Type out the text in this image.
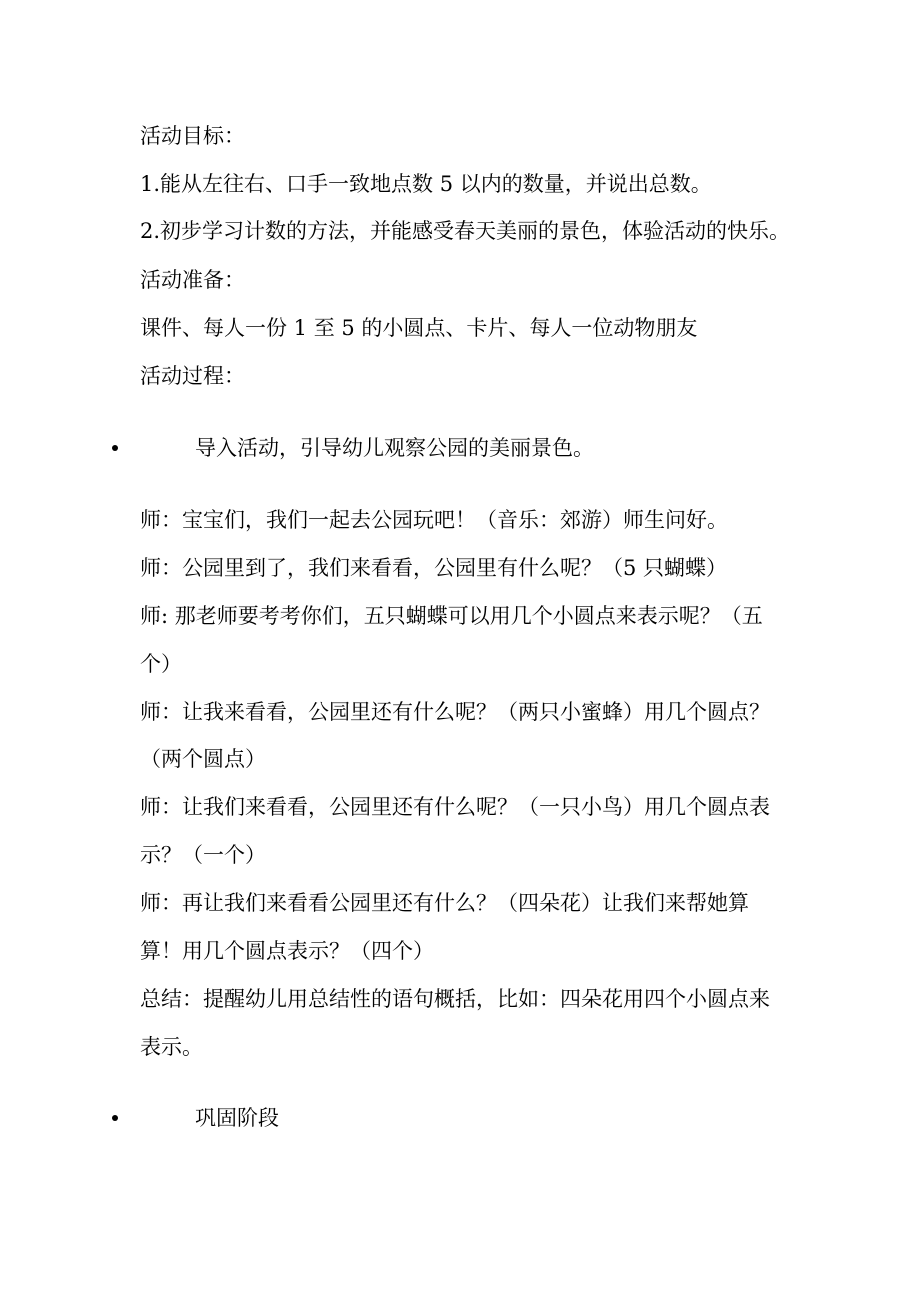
活动目标：
1.能从左往右、口手一致地点数 5 以内的数量，并说出总数。
2.初步学习计数的方法，并能感受春天美丽的景色，体验活动的快乐。
活动准备：
课件、每人一份 1 至 5 的小圆点、卡片、每人一位动物朋友
活动过程：
导入活动，引导幼儿观察公园的美丽景色。
师：宝宝们，我们一起去公园玩吧！（音乐：郊游）师生问好。
师：公园里到了，我们来看看，公园里有什么呢？（5 只蝴蝶）
师: 那老师要考考你们，五只蝴蝶可以用几个小圆点来表示呢？（五
个）
师：让我来看看，公园里还有什么呢？（两只小蜜蜂）用几个圆点？
（两个圆点）
师：让我们来看看，公园里还有什么呢？（一只小鸟）用几个圆点表
示？（一个）
师：再让我们来看看公园里还有什么？（四朵花）让我们来帮她算
算！用几个圆点表示？（四个）
总结：提醒幼儿用总结性的语句概括，比如：四朵花用四个小圆点来
表示。
巩固阶段
